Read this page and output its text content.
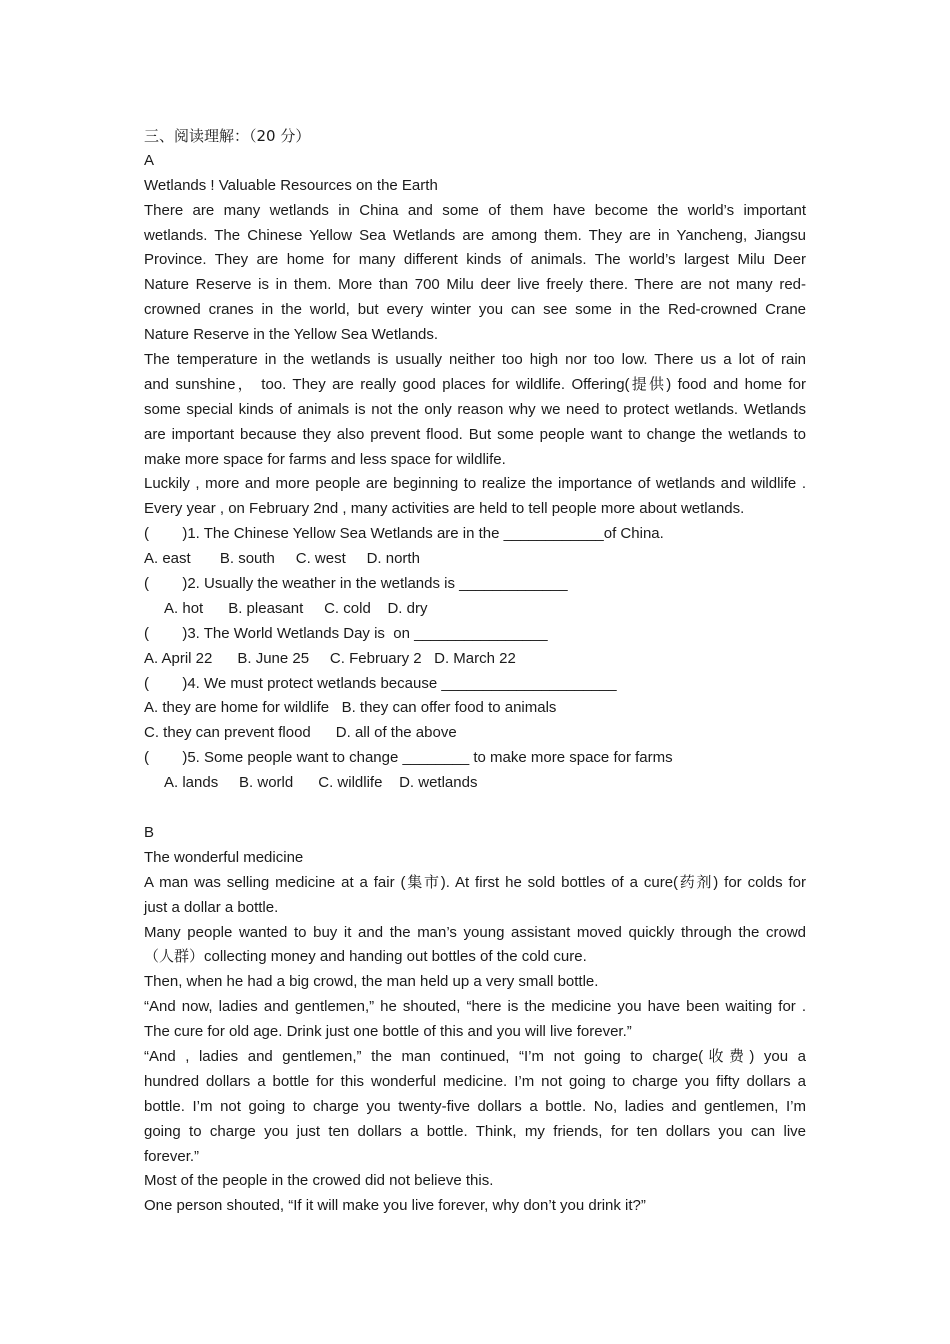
三、阅读理解：（20 分）
A
Wetlands ! Valuable Resources on the Earth
There are many wetlands in China and some of them have become the world’s important
wetlands. The Chinese Yellow Sea Wetlands are among them. They are in Yancheng, Jiangsu
Province. They are home for many different kinds of animals. The world’s largest Milu Deer
Nature Reserve is in them. More than 700 Milu deer live freely there. There are not many red-
crowned cranes in the world, but every winter you can see some in the Red-crowned Crane
Nature Reserve in the Yellow Sea Wetlands.
The temperature in the wetlands is usually neither too high nor too low. There us a lot of rain
and sunshine， too. They are really good places for wildlife. Offering(提供) food and home for
some special kinds of animals is not the only reason why we need to protect wetlands. Wetlands
are important because they also prevent flood. But some people want to change the wetlands to
make more space for farms and less space for wildlife.
Luckily , more and more people are beginning to realize the importance of wetlands and wildlife .
Every year , on February 2nd , many activities are held to tell people more about wetlands.
(        )1. The Chinese Yellow Sea Wetlands are in the ____________of China.
A. east       B. south     C. west     D. north
(        )2. Usually the weather in the wetlands is _____________
A. hot      B. pleasant     C. cold    D. dry
(        )3. The World Wetlands Day is  on ________________
A. April 22      B. June 25     C. February 2   D. March 22
(        )4. We must protect wetlands because _____________________
A. they are home for wildlife   B. they can offer food to animals
C. they can prevent flood      D. all of the above
(        )5. Some people want to change ________ to make more space for farms
A. lands     B. world      C. wildlife    D. wetlands
B
The wonderful medicine
A man was selling medicine at a fair (集市). At first he sold bottles of a cure(药剂) for colds for
just a dollar a bottle.
Many people wanted to buy it and the man’s young assistant moved quickly through the crowd
（人群）collecting money and handing out bottles of the cold cure.
Then, when he had a big crowd, the man held up a very small bottle.
“And now, ladies and gentlemen,” he shouted, “here is the medicine you have been waiting for .
The cure for old age. Drink just one bottle of this and you will live forever.”
“And , ladies and gentlemen,” the man continued, “I’m not going to charge(收费) you a
hundred dollars a bottle for this wonderful medicine. I’m not going to charge you fifty dollars a
bottle. I’m not going to charge you twenty-five dollars a bottle. No, ladies and gentlemen, I’m
going to charge you just ten dollars a bottle. Think, my friends, for ten dollars you can live
forever.”
Most of the people in the crowed did not believe this.
One person shouted, “If it will make you live forever, why don’t you drink it?”
